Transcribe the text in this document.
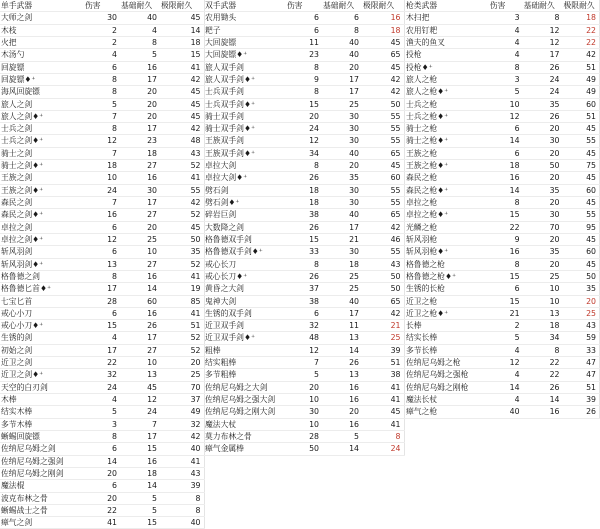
单手武器	伤害	基础耐久	极限耐久
大师之剑	30	40	45
木枝	2	4	14
火把	2	8	18
木汤勺	4	5	15
回旋镖	6	16	41
回旋镖♦⁺	8	17	42
海风回旋镖	8	20	45
旅人之剑	5	20	45
旅人之剑♦⁺	7	20	45
士兵之剑	8	17	42
士兵之剑♦⁺	12	23	48
骑士之剑	7	18	43
骑士之剑♦⁺	18	27	52
王族之剑	10	16	41
王族之剑♦⁺	24	30	55
森民之剑	7	17	42
森民之剑♦⁺	16	27	52
卓拉之剑	6	20	45
卓拉之剑♦⁺	12	25	50
斩风羽剑	6	10	35
斩风羽剑♦⁺	13	27	52
格鲁德之剑	8	16	41
格鲁德匕首♦⁺	17	14	19
七宝匕首	28	60	85
戒心小刀	6	16	41
戒心小刀♦⁺	15	26	51
生锈的剑	4	17	52
初始之剑	17	27	52
近卫之剑	22	10	20
近卫之剑♦⁺	32	13	25
天空的白刃剑	24	45	70
木棒	4	12	37
结实木棒	5	24	49
多节木棒	3	7	32
蜥蜴回旋镖	8	17	42
佐纳尼乌姆之剑	6	15	40
佐纳尼乌姆之强剑	14	16	41
佐纳尼乌姆之刚剑	20	18	43
魔法棍	6	14	39
波克布林之骨	20	5	8
蜥蜴战士之骨	22	5	8
瘴气之剑	41	15	40
双手武器	伤害	基础耐久	极限耐久
农用锄头	6	6	16
耙子	6	8	18
大回旋镖	11	40	45
大回旋镖♦⁺	23	40	65
旅人双手剑	8	20	45
旅人双手剑♦⁺	9	17	42
士兵双手剑	8	17	42
士兵双手剑♦⁺	15	25	50
骑士双手剑	20	30	55
骑士双手剑♦⁺	24	30	55
王族双手剑	12	30	55
王族双手剑♦⁺	34	40	65
卓拉大剑	8	20	45
卓拉大剑♦⁺	26	35	60
劈石剑	18	30	55
劈石剑♦⁺	18	30	55
碎岩巨剑	38	40	65
大数降之剑	26	17	42
格鲁德双手剑	15	21	46
格鲁德双手剑♦⁺	33	30	55
戒心长刀	8	18	43
戒心长刀♦⁺	26	25	50
黄昏之大剑	37	25	50
鬼神大剑	38	40	65
生锈的双手剑	6	17	42
近卫双手剑	32	11	21
近卫双手剑♦⁺	48	13	25
粗棒	12	14	39
结实粗棒	7	26	51
多节粗棒	5	13	38
佐纳尼乌姆之大剑	20	16	41
佐纳尼乌姆之强大剑	10	16	41
佐纳尼乌姆之刚大剑	30	20	45
魔法大杖	10	16	41
莫力布林之骨	28	5	8
瘴气金属棒	50	14	24
枪类武器	伤害	基础耐久	极限耐久
木扫把	3	8	18
农用钉耙	4	12	22
渔夫的鱼叉	4	12	22
投枪	4	17	42
投枪♦⁺	8	26	51
旅人之枪	3	24	49
旅人之枪♦⁺	5	24	49
士兵之枪	10	35	60
士兵之枪♦⁺	12	26	51
骑士之枪	6	20	45
骑士之枪♦⁺	14	30	55
王族之枪	6	20	45
王族之枪♦⁺	18	50	75
森民之枪	16	20	45
森民之枪♦⁺	14	35	60
卓拉之枪	8	20	45
卓拉之枪♦⁺	15	30	55
光鳞之枪	22	70	95
斩风羽枪	9	20	45
斩风羽枪♦⁺	16	35	60
格鲁德之枪	8	20	45
格鲁德之枪♦⁺	15	25	50
生锈的长枪	6	10	35
近卫之枪	15	10	20
近卫之枪♦⁺	21	13	25
长棒	2	18	43
结实长棒	5	34	59
多节长棒	4	8	33
佐纳尼乌姆之枪	12	22	47
佐纳尼乌姆之强枪	4	22	47
佐纳尼乌姆之刚枪	14	26	51
魔法长杖	4	14	39
瘴气之枪	40	16	26
